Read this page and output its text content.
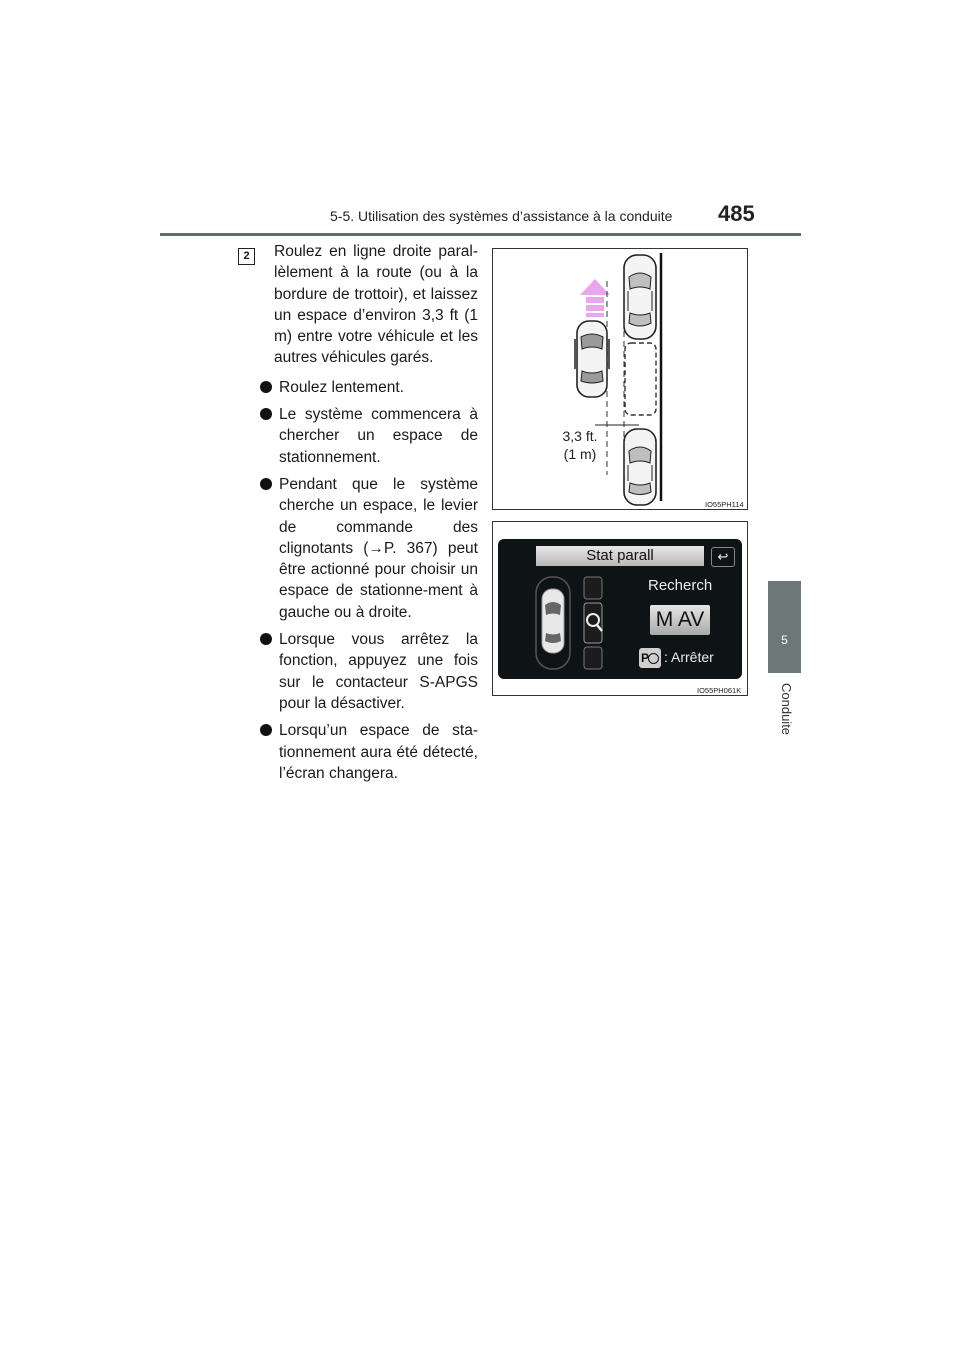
5-5. Utilisation des systèmes d’assistance à la conduite 485
5
Conduite
2	Roulez en ligne droite paral-lèlement à la route (ou à la bordure de trottoir), et laissez un espace d’environ 3,3 ft (1 m) entre votre véhicule et les autres véhicules garés.

Roulez lentement.
Le système commencera à chercher un espace de stationnement.
Pendant que le système cherche un espace, le levier de commande des clignotants (→P. 367) peut être actionné pour choisir un espace de stationne-ment à gauche ou à droite.
Lorsque vous arrêtez la fonction, appuyez une fois sur le contacteur S-APGS pour la désactiver.
Lorsqu’un espace de sta-tionnement aura été détecté, l’écran changera.
3,3 ft.
(1 m)
IO55PH114
Stat parall	↩
Recherch
M AV
P	: Arrêter
IO55PH061K
